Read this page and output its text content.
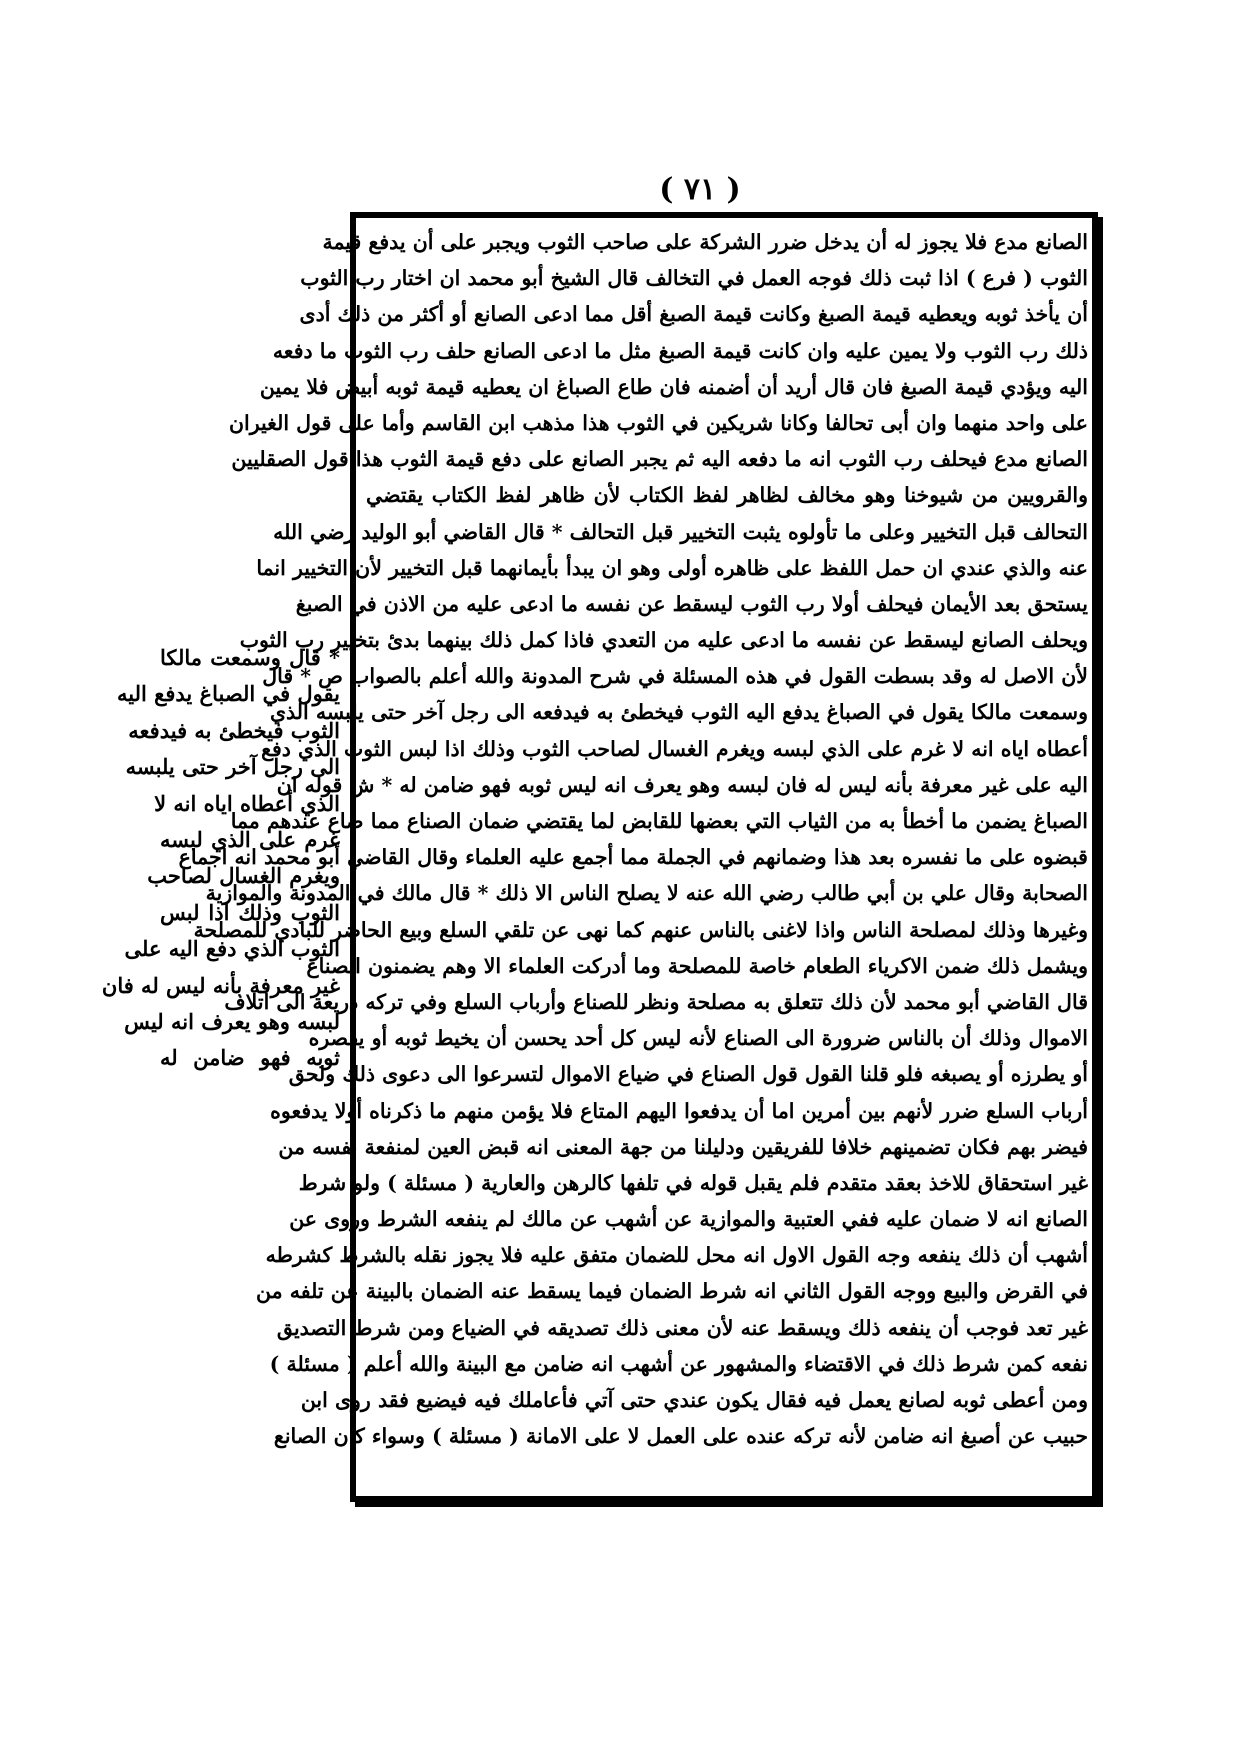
( ٧١ )
الصانع مدع فلا يجوز له أن يدخل ضرر الشركة على صاحب الثوب ويجبر على أن يدفع قيمة
الثوب ( فرع ) اذا ثبت ذلك فوجه العمل في التخالف قال الشيخ أبو محمد ان اختار رب الثوب
أن يأخذ ثوبه ويعطيه قيمة الصبغ وكانت قيمة الصبغ أقل مما ادعى الصانع أو أكثر من ذلك أدى
ذلك رب الثوب ولا يمين عليه وان كانت قيمة الصبغ مثل ما ادعى الصانع حلف رب الثوب ما دفعه
اليه ويؤدي قيمة الصبغ فان قال أريد أن أضمنه فان طاع الصباغ ان يعطيه قيمة ثوبه أبيض فلا يمين
على واحد منهما وان أبى تحالفا وكانا شريكين في الثوب هذا مذهب ابن القاسم وأما على قول الغيران
الصانع مدع فيحلف رب الثوب انه ما دفعه اليه ثم يجبر الصانع على دفع قيمة الثوب هذا قول الصقليين
والقرويين من شيوخنا وهو مخالف لظاهر لفظ الكتاب لأن ظاهر لفظ الكتاب يقتضي
التحالف قبل التخيير وعلى ما تأولوه يثبت التخيير قبل التحالف * قال القاضي أبو الوليد رضي الله
عنه والذي عندي ان حمل اللفظ على ظاهره أولى وهو ان يبدأ بأيمانهما قبل التخيير لأن التخيير انما
يستحق بعد الأيمان فيحلف أولا رب الثوب ليسقط عن نفسه ما ادعى عليه من الاذن في الصبغ
ويحلف الصانع ليسقط عن نفسه ما ادعى عليه من التعدي فاذا كمل ذلك بينهما بدئ بتخيير رب الثوب
لأن الاصل له وقد بسطت القول في هذه المسئلة في شرح المدونة والله أعلم بالصواب ص * قال
وسمعت مالكا يقول في الصباغ يدفع اليه الثوب فيخطئ به فيدفعه الى رجل آخر حتى يلبسه الذي
أعطاه اياه انه لا غرم على الذي لبسه ويغرم الغسال لصاحب الثوب وذلك اذا لبس الثوب الذي دفع
اليه على غير معرفة بأنه ليس له فان لبسه وهو يعرف انه ليس ثوبه فهو ضامن له * ش قوله ان
الصباغ يضمن ما أخطأ به من الثياب التي بعضها للقابض لما يقتضي ضمان الصناع مما ضاع عندهم مما
قبضوه على ما نفسره بعد هذا وضمانهم في الجملة مما أجمع عليه العلماء وقال القاضي أبو محمد انه اجماع
الصحابة وقال علي بن أبي طالب رضي الله عنه لا يصلح الناس الا ذلك * قال مالك في المدونة والموازية
وغيرها وذلك لمصلحة الناس واذا لاغنى بالناس عنهم كما نهى عن تلقي السلع وبيع الحاضر للبادي للمصلحة
ويشمل ذلك ضمن الاكرياء الطعام خاصة للمصلحة وما أدركت العلماء الا وهم يضمنون الصناع
قال القاضي أبو محمد لأن ذلك تتعلق به مصلحة ونظر للصناع وأرباب السلع وفي تركه ذريعة الى اتلاف
الاموال وذلك أن بالناس ضرورة الى الصناع لأنه ليس كل أحد يحسن أن يخيط ثوبه أو يقصره
أو يطرزه أو يصبغه فلو قلنا القول قول الصناع في ضياع الاموال لتسرعوا الى دعوى ذلك ولحق
أرباب السلع ضرر لأنهم بين أمرين اما أن يدفعوا اليهم المتاع فلا يؤمن منهم ما ذكرناه أولا يدفعوه
فيضر بهم فكان تضمينهم خلافا للفريقين ودليلنا من جهة المعنى انه قبض العين لمنفعة نفسه من
غير استحقاق للاخذ بعقد متقدم فلم يقبل قوله في تلفها كالرهن والعارية ( مسئلة ) ولو شرط
الصانع انه لا ضمان عليه ففي العتبية والموازية عن أشهب عن مالك لم ينفعه الشرط وروى عن
أشهب أن ذلك ينفعه وجه القول الاول انه محل للضمان متفق عليه فلا يجوز نقله بالشرط كشرطه
في القرض والبيع ووجه القول الثاني انه شرط الضمان فيما يسقط عنه الضمان بالبينة عن تلفه من
غير تعد فوجب أن ينفعه ذلك ويسقط عنه لأن معنى ذلك تصديقه في الضياع ومن شرط التصديق
نفعه كمن شرط ذلك في الاقتضاء والمشهور عن أشهب انه ضامن مع البينة والله أعلم ( مسئلة )
ومن أعطى ثوبه لصانع يعمل فيه فقال يكون عندي حتى آتي فأعاملك فيه فيضيع فقد روى ابن
حبيب عن أصبغ انه ضامن لأنه تركه عنده على العمل لا على الامانة ( مسئلة ) وسواء كان الصانع
* قال وسمعت مالكا
يقول في الصباغ يدفع اليه
الثوب فيخطئ به فيدفعه
الى رجل آخر حتى يلبسه
الذي أعطاه اياه انه لا
غرم على الذي لبسه
ويغرم الغسال لصاحب
الثوب وذلك اذا لبس
الثوب الذي دفع اليه على
غير معرفة بأنه ليس له فان
لبسه وهو يعرف انه ليس
ثوبه فهو ضامن له
